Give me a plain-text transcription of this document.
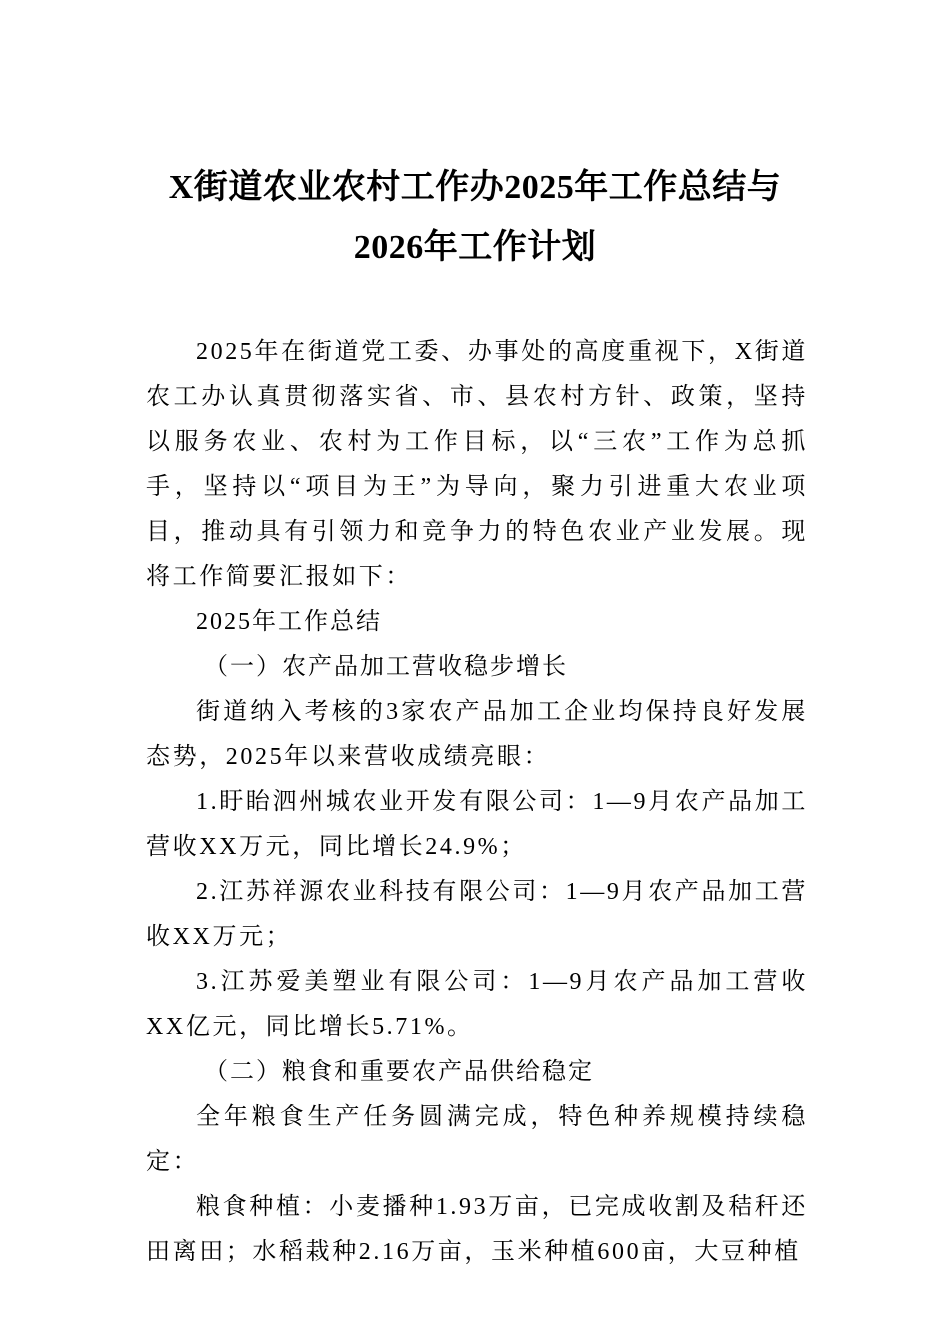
X街道农业农村工作办2025年工作总结与
2026年工作计划

2025年在街道党工委、办事处的高度重视下，X街道农工办认真贯彻落实省、市、县农村方针、政策，坚持以服务农业、农村为工作目标，以“三农”工作为总抓手，坚持以“项目为王”为导向，聚力引进重大农业项目，推动具有引领力和竞争力的特色农业产业发展。现将工作简要汇报如下：

2025年工作总结

（一）农产品加工营收稳步增长

街道纳入考核的3家农产品加工企业均保持良好发展态势，2025年以来营收成绩亮眼：

1.盱眙泗州城农业开发有限公司：1—9月农产品加工营收XX万元，同比增长24.9%；

2.江苏祥源农业科技有限公司：1—9月农产品加工营收XX万元；

3.江苏爱美塑业有限公司：1—9月农产品加工营收XX亿元，同比增长5.71%。

（二）粮食和重要农产品供给稳定

全年粮食生产任务圆满完成，特色种养规模持续稳定：

粮食种植：小麦播种1.93万亩，已完成收割及秸秆还田离田；水稻栽种2.16万亩，玉米种植600亩，大豆种植
